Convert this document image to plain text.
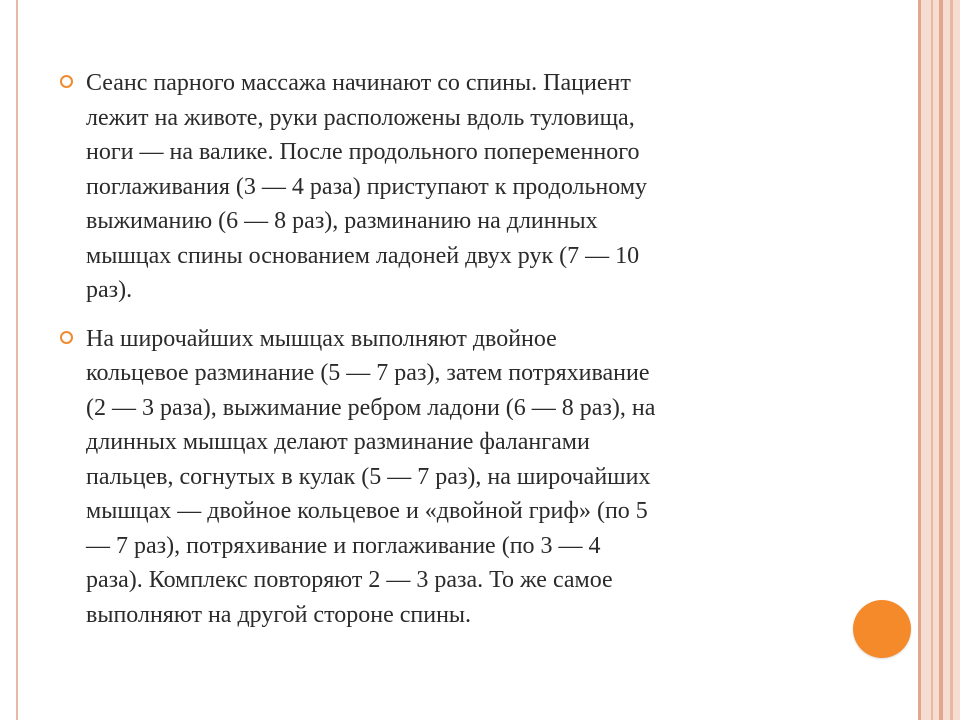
Сеанс парного массажа начинают со спины. Пациент
лежит на животе, руки расположены вдоль туловища,
ноги — на валике. После продольного попеременного
поглаживания (3 — 4 раза) приступают к продольному
выжиманию (6 — 8 раз), разминанию на длинных
мышцах спины основанием ладоней двух рук (7 — 10
раз).

На широчайших мышцах выполняют двойное
кольцевое разминание (5 — 7 раз), затем потряхивание
(2 — 3 раза), выжимание ребром ладони (6 — 8 раз), на
длинных мышцах делают разминание фалангами
пальцев, согнутых в кулак (5 — 7 раз), на широчайших
мышцах — двойное кольцевое и «двойной гриф» (по 5
— 7 раз), потряхивание и поглаживание (по 3 — 4
раза). Комплекс повторяют 2 — 3 раза. То же самое
выполняют на другой стороне спины.
